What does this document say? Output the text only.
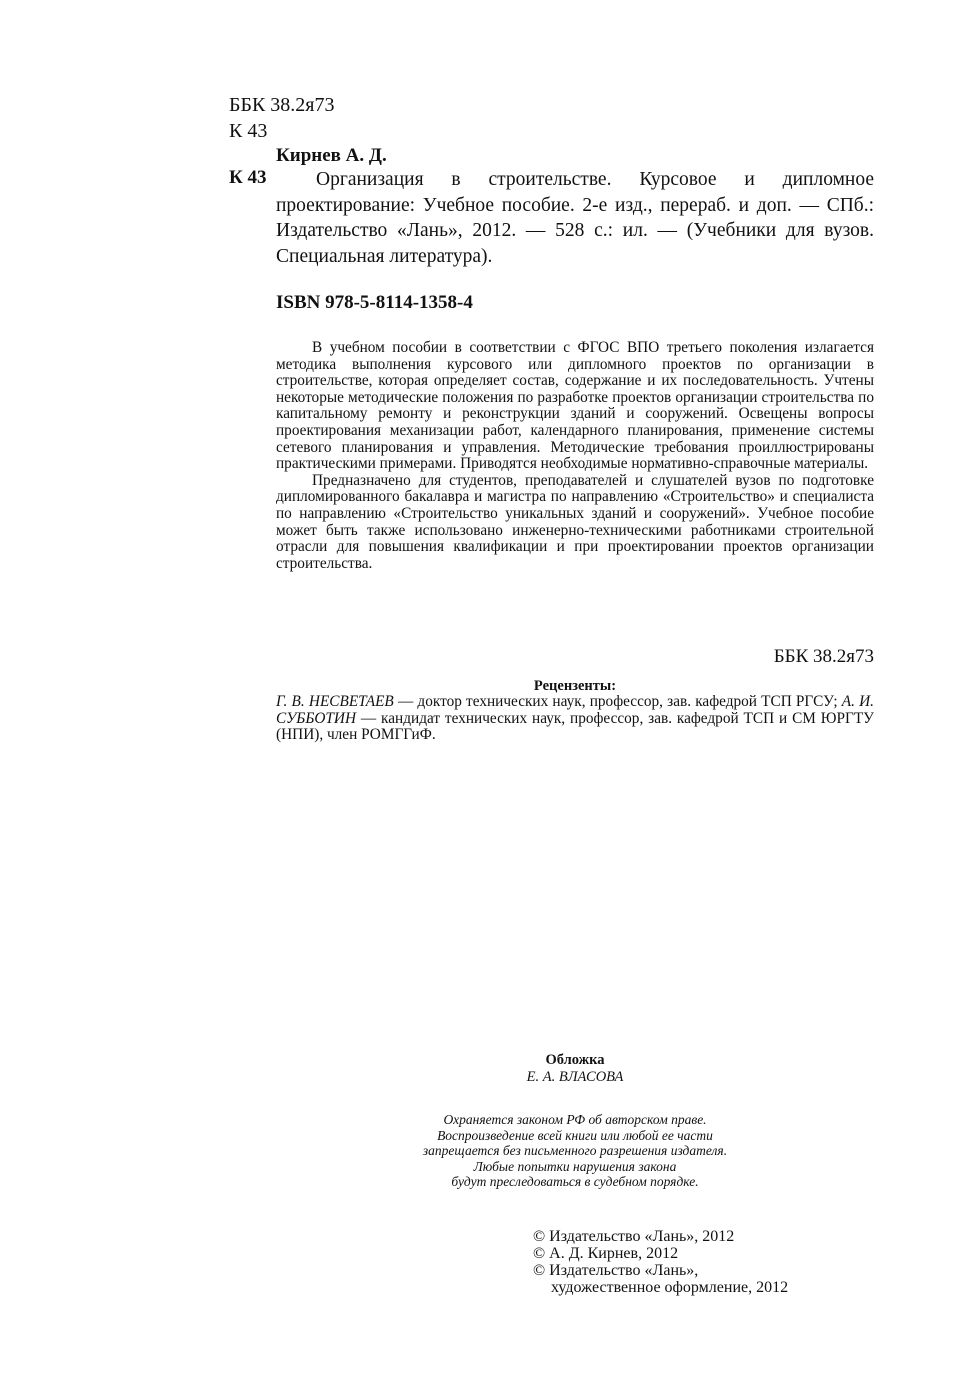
ББК 38.2я73
К 43
Кирнев А. Д.
К 43	Организация в строительстве. Курсовое и дипломное проектирование: Учебное пособие. 2-е изд., перераб. и доп. — СПб.: Издательство «Лань», 2012. — 528 с.: ил. — (Учебники для вузов. Специальная литература).
ISBN 978-5-8114-1358-4

В учебном пособии в соответствии с ФГОС ВПО третьего поколения излагается методика выполнения курсового или дипломного проектов по организации в строительстве, которая определяет состав, содержание и их последовательность. Учтены некоторые методические положения по разработке проектов организации строительства по капитальному ремонту и реконструкции зданий и сооружений. Освещены вопросы проектирования механизации работ, календарного планирования, применение системы сетевого планирования и управления. Методические требования проиллюстрированы практическими примерами. Приводятся необходимые нормативно-справочные материалы.

Предназначено для студентов, преподавателей и слушателей вузов по подготовке дипломированного бакалавра и магистра по направлению «Строительство» и специалиста по направлению «Строительство уникальных зданий и сооружений». Учебное пособие может быть также использовано инженерно-техническими работниками строительной отрасли для повышения квалификации и при проектировании проектов организации строительства.

ББК 38.2я73
Рецензенты:
Г. В. НЕСВЕТАЕВ — доктор технических наук, профессор, зав. кафедрой ТСП РГСУ; А. И. СУББОТИН — кандидат технических наук, профессор, зав. кафедрой ТСП и СМ ЮРГТУ (НПИ), член РОМГГиФ.
Обложка
Е. А. ВЛАСОВА
Охраняется законом РФ об авторском праве.
Воспроизведение всей книги или любой ее части
запрещается без письменного разрешения издателя.
Любые попытки нарушения закона
будут преследоваться в судебном порядке.
© Издательство «Лань», 2012
© А. Д. Кирнев, 2012
© Издательство «Лань»,
художественное оформление, 2012
